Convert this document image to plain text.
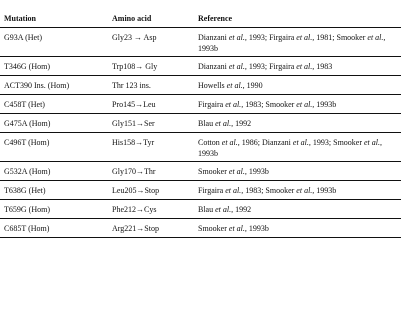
Mutation	Amino acid	Reference
G93A (Het)	Gly23 → Asp	Dianzani et al., 1993; Firgaira et al., 1981; Smooker et al., 1993b
T346G (Hom)	Trp108→ Gly	Dianzani et al., 1993; Firgaira et al., 1983
ACT390 Ins. (Hom)	Thr 123 ins.	Howells et al., 1990
C458T (Het)	Pro145→Leu	Firgaira et al., 1983; Smooker et al., 1993b
G475A (Hom)	Gly151→Ser	Blau et al., 1992
C496T (Hom)	His158→Tyr	Cotton et al., 1986; Dianzani et al., 1993; Smooker et al., 1993b
G532A (Hom)	Gly170→Thr	Smooker et al., 1993b
T638G (Het)	Leu205→Stop	Firgaira et al., 1983; Smooker et al., 1993b
T659G (Hom)	Phe212→Cys	Blau et al., 1992
C685T (Hom)	Arg221→Stop	Smooker et al., 1993b
